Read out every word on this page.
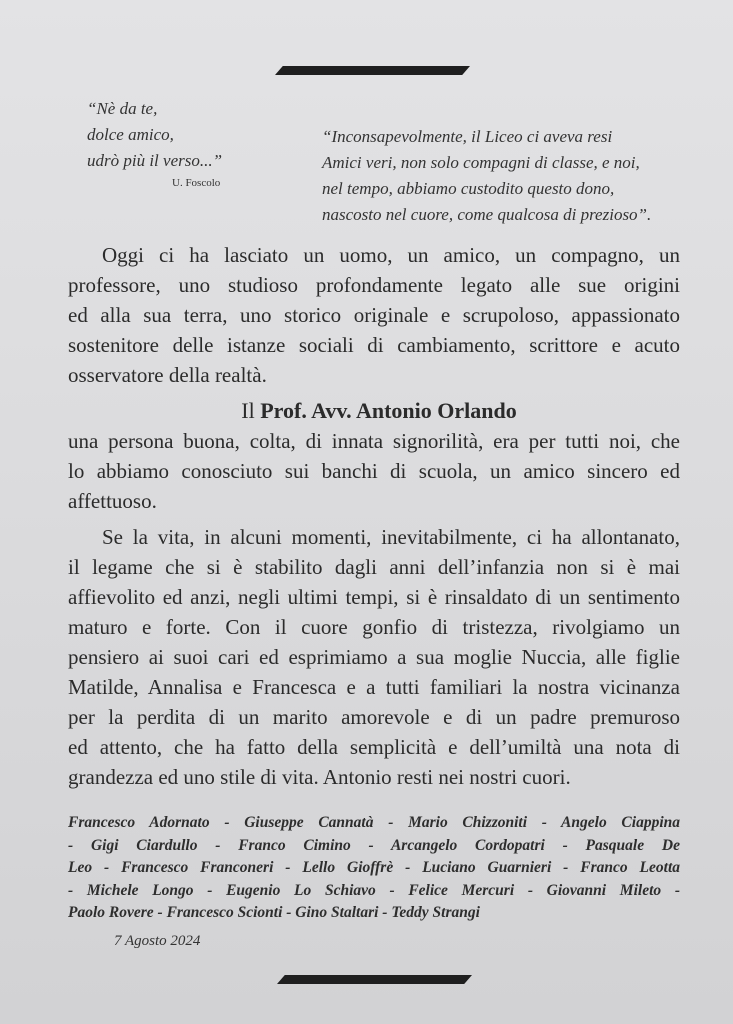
“Nè da te,
dolce amico,
udrò più il verso...”
U. Foscolo
“Inconsapevolmente, il Liceo ci aveva resi
Amici veri, non solo compagni di classe, e noi,
nel tempo, abbiamo custodito questo dono,
nascosto nel cuore, come qualcosa di prezioso”.
Oggi ci ha lasciato un uomo, un amico, un compagno, un
professore, uno studioso profondamente legato alle sue origini
ed alla sua terra, uno storico originale e scrupoloso, appassionato
sostenitore delle istanze sociali di cambiamento, scrittore e acuto
osservatore della realtà.
Il Prof. Avv. Antonio Orlando
una persona buona, colta, di innata signorilità, era per tutti noi, che
lo abbiamo conosciuto sui banchi di scuola, un amico sincero ed
affettuoso.
Se la vita, in alcuni momenti, inevitabilmente, ci ha allontanato,
il legame che si è stabilito dagli anni dell’infanzia non si è mai
affievolito ed anzi, negli ultimi tempi, si è rinsaldato di un sentimento
maturo e forte. Con il cuore gonfio di tristezza, rivolgiamo un
pensiero ai suoi cari ed esprimiamo a sua moglie Nuccia, alle figlie
Matilde, Annalisa e Francesca e a tutti familiari la nostra vicinanza
per la perdita di un marito amorevole e di un padre premuroso
ed attento, che ha fatto della semplicità e dell’umiltà una nota di
grandezza ed uno stile di vita. Antonio resti nei nostri cuori.
Francesco Adornato - Giuseppe Cannatà - Mario Chizzoniti - Angelo Ciappina
- Gigi Ciardullo - Franco Cimino - Arcangelo Cordopatri - Pasquale De
Leo - Francesco Franconeri - Lello Gioffrè - Luciano Guarnieri - Franco Leotta
- Michele Longo - Eugenio Lo Schiavo - Felice Mercuri - Giovanni Mileto -
Paolo Rovere - Francesco Scionti - Gino Staltari - Teddy Strangi
7 Agosto 2024
